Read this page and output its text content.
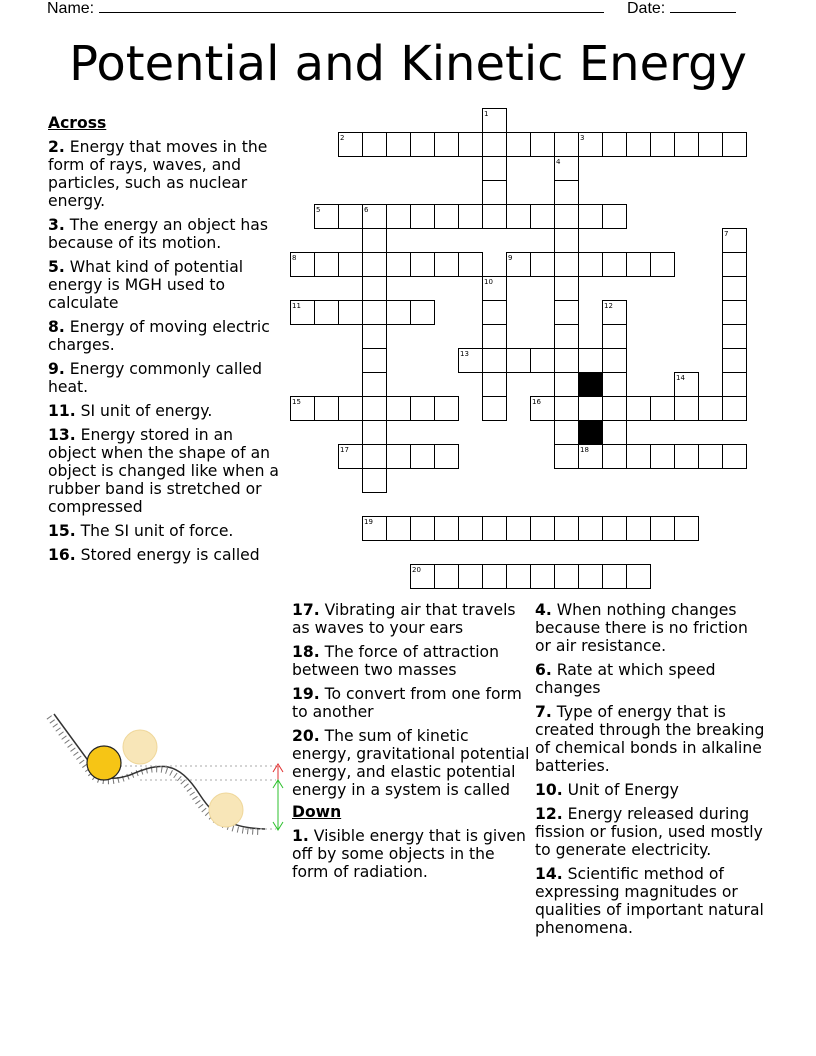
Name:	Date:
Potential and Kinetic Energy
1
2	3
4
5	6
7
8	9
10
11	12
13
14
15	16
17	18
19
20
Across
2. Energy that moves in the form of rays, waves, and particles, such as nuclear energy.
3. The energy an object has because of its motion.
5. What kind of potential energy is MGH used to calculate
8. Energy of moving electric charges.
9. Energy commonly called heat.
11. SI unit of energy.
13. Energy stored in an object when the shape of an object is changed like when a rubber band is stretched or compressed
15. The SI unit of force.
16. Stored energy is called
17. Vibrating air that travels as waves to your ears
18. The force of attraction between two masses
19. To convert from one form to another
20. The sum of kinetic energy, gravitational potential energy, and elastic potential energy in a system is called
Down
1. Visible energy that is given off by some objects in the form of radiation.
4. When nothing changes because there is no friction or air resistance.
6. Rate at which speed changes
7. Type of energy that is created through the breaking of chemical bonds in alkaline batteries.
10. Unit of Energy
12. Energy released during fission or fusion, used mostly to generate electricity.
14. Scientific method of expressing magnitudes or qualities of important natural phenomena.
